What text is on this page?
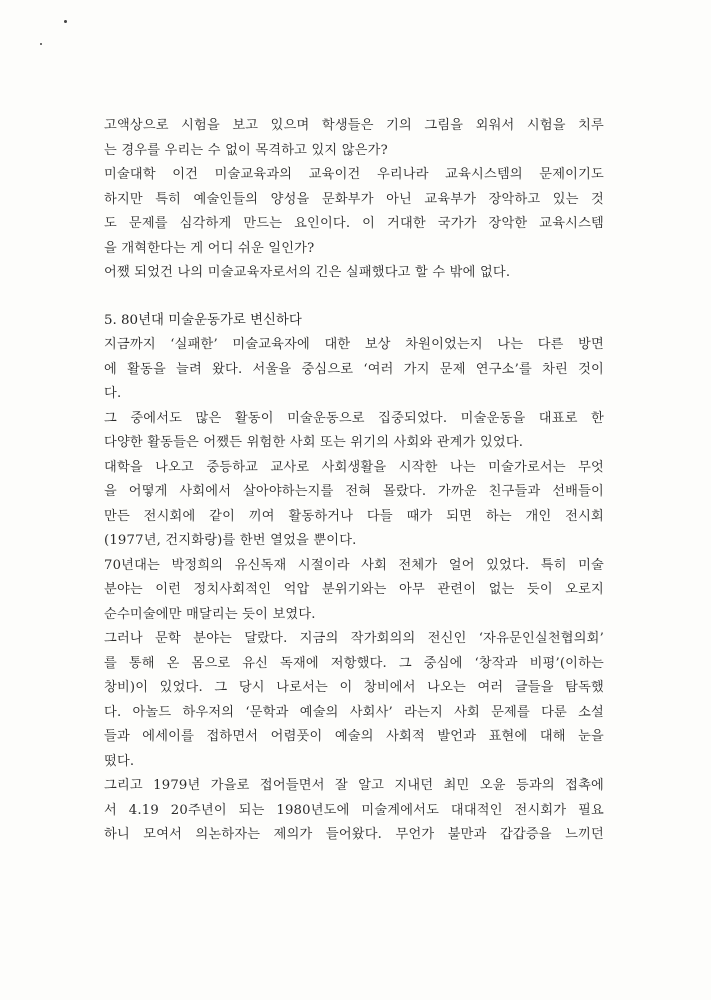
고액상으로 시험을 보고 있으며 학생들은 기의 그림을 외워서 시험을 치루
는 경우를 우리는 수 없이 목격하고 있지 않은가?
미술대학 이건 미술교육과의 교육이건 우리나라 교육시스템의 문제이기도
하지만 특히 예술인들의 양성을 문화부가 아닌 교육부가 장악하고 있는 것
도 문제를 심각하게 만드는 요인이다. 이 거대한 국가가 장악한 교육시스템
을 개혁한다는 게 어디 쉬운 일인가?
어쨌 되었건 나의 미술교육자로서의 긴은 실패했다고 할 수 밖에 없다.
5. 80년대 미술운동가로 변신하다
지금까지 ‘실패한’ 미술교육자에 대한 보상 차원이었는지 나는 다른 방면
에 활동을 늘려 왔다. 서울을 중심으로 ‘여러 가지 문제 연구소’를 차린 것이
다.
그 중에서도 많은 활동이 미술운동으로 집중되었다. 미술운동을 대표로 한
다양한 활동들은 어쨌든 위험한 사회 또는 위기의 사회와 관계가 있었다.
대학을 나오고 중등하교 교사로 사회생활을 시작한 나는 미술가로서는 무엇
을 어떻게 사회에서 살아야하는지를 전혀 몰랐다. 가까운 친구들과 선배들이
만든 전시회에 같이 끼여 활동하거나 다들 때가 되면 하는 개인 전시회
(1977년, 건지화랑)를 한번 열었을 뿐이다.
70년대는 박정희의 유신독재 시절이라 사회 전체가 얼어 있었다. 특히 미술
분야는 이런 정치사회적인 억압 분위기와는 아무 관련이 없는 듯이 오로지
순수미술에만 매달리는 듯이 보였다.
그러나 문학 분야는 달랐다. 지금의 작가회의의 전신인 ‘자유문인실천협의회’
를 통해 온 몸으로 유신 독재에 저항했다. 그 중심에 ‘창작과 비평’(이하는
창비)이 있었다. 그 당시 나로서는 이 창비에서 나오는 여러 글들을 탐독했
다. 아놀드 하우저의 ‘문학과 예술의 사회사’ 라는지 사회 문제를 다룬 소설
들과 에세이를 접하면서 어렴풋이 예술의 사회적 발언과 표현에 대해 눈을
떴다.
그리고 1979년 가을로 접어들면서 잘 알고 지내던 최민 오윤 등과의 접촉에
서 4.19 20주년이 되는 1980년도에 미술계에서도 대대적인 전시회가 필요
하니 모여서 의논하자는 제의가 들어왔다. 무언가 불만과 갑갑증을 느끼던
